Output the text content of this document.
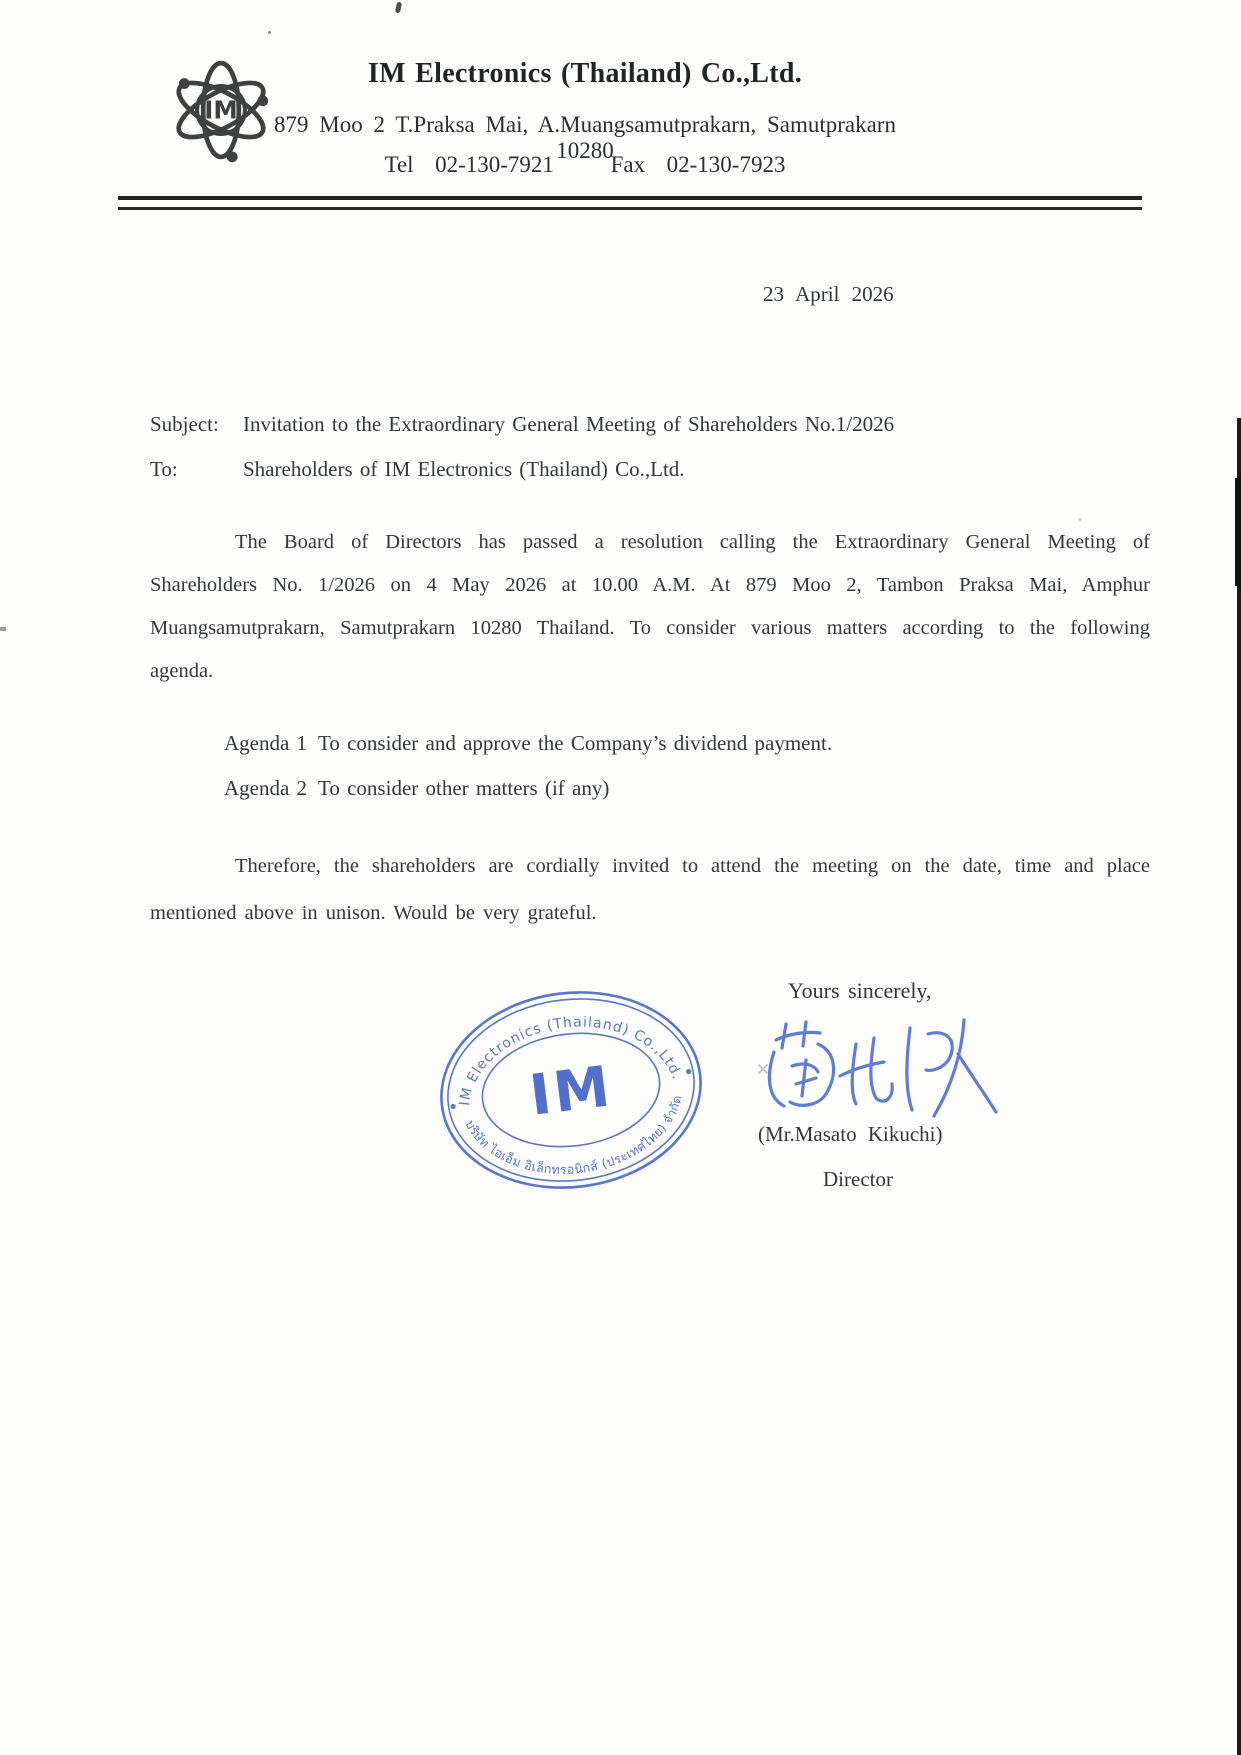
IM
IM Electronics (Thailand) Co.,Ltd.
879 Moo 2 T.Praksa Mai, A.Muangsamutprakarn, Samutprakarn 10280
Tel 02-130-7921 Fax 02-130-7923
23 April 2026
Subject:	Invitation to the Extraordinary General Meeting of Shareholders No.1/2026
To:	Shareholders of IM Electronics (Thailand) Co.,Ltd.
The Board of Directors has passed a resolution calling the Extraordinary General Meeting of
Shareholders No. 1/2026 on 4 May 2026 at 10.00 A.M. At 879 Moo 2, Tambon Praksa Mai, Amphur
Muangsamutprakarn, Samutprakarn 10280 Thailand. To consider various matters according to the following
agenda.
Agenda 1 To consider and approve the Company’s dividend payment.
Agenda 2 To consider other matters (if any)
Therefore, the shareholders are cordially invited to attend the meeting on the date, time and place
mentioned above in unison. Would be very grateful.
Yours sincerely,
IM Electronics (Thailand) Co.,Ltd.
บริษัท ไอเอ็ม อิเล็กทรอนิกส์ (ประเทศไทย) จำกัด
IM
(Mr.Masato Kikuchi)
Director
